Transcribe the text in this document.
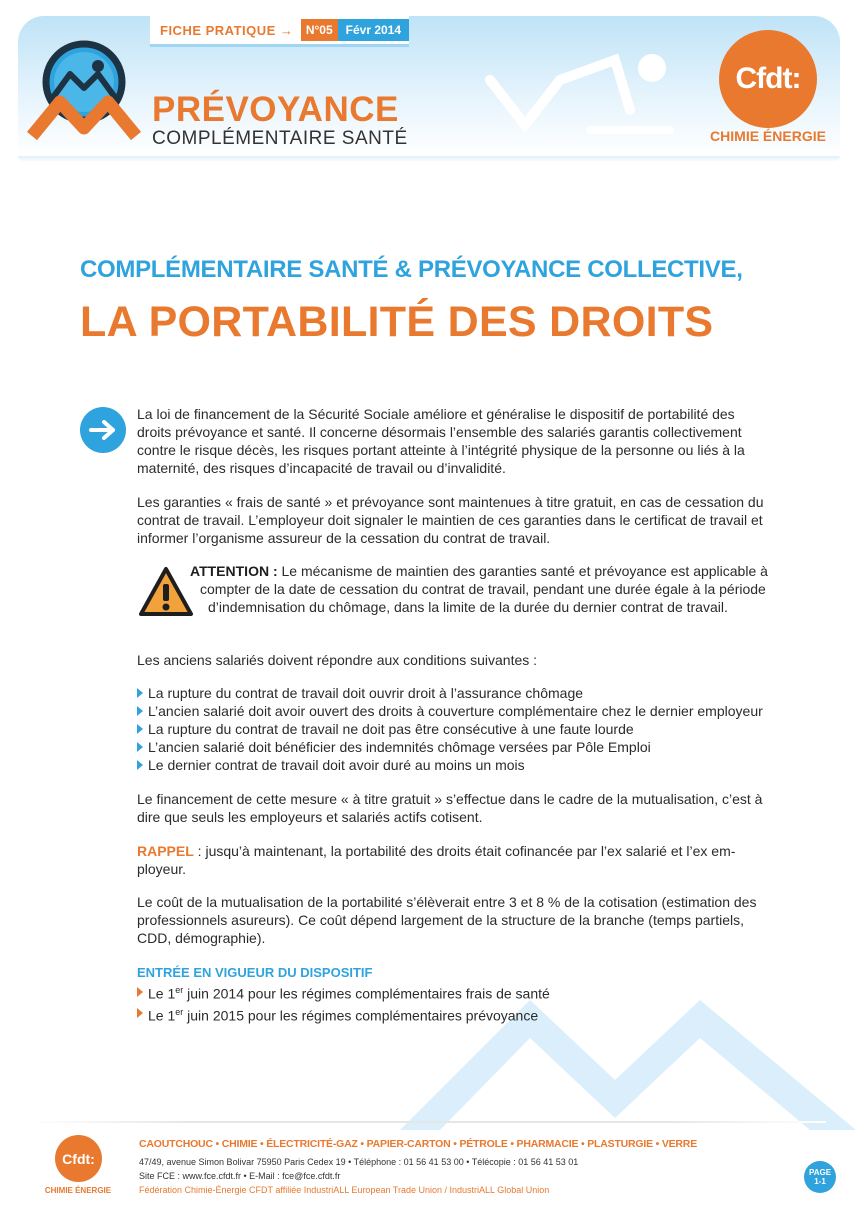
FICHE PRATIQUE →	N°05	Févr 2014
PRÉVOYANCE
COMPLÉMENTAIRE SANTÉ
Cfdt:
CHIMIE ÉNERGIE
COMPLÉMENTAIRE SANTÉ & PRÉVOYANCE COLLECTIVE,
LA PORTABILITÉ DES DROITS
La loi de financement de la Sécurité Sociale améliore et généralise le dispositif de portabilité des
droits prévoyance et santé. Il concerne désormais l’ensemble des salariés garantis collectivement
contre le risque décès, les risques portant atteinte à l’intégrité physique de la personne ou liés à la
maternité, des risques d’incapacité de travail ou d’invalidité.
Les garanties « frais de santé » et prévoyance sont maintenues à titre gratuit, en cas de cessation du
contrat de travail. L’employeur doit signaler le maintien de ces garanties dans le certificat de travail et
informer l’organisme assureur de la cessation du contrat de travail.
ATTENTION : Le mécanisme de maintien des garanties santé et prévoyance est applicable à
compter de la date de cessation du contrat de travail, pendant une durée égale à la période
d’indemnisation du chômage, dans la limite de la durée du dernier contrat de travail.
Les anciens salariés doivent répondre aux conditions suivantes :
La rupture du contrat de travail doit ouvrir droit à l’assurance chômage
L’ancien salarié doit avoir ouvert des droits à couverture complémentaire chez le dernier employeur
La rupture du contrat de travail ne doit pas être consécutive à une faute lourde
L’ancien salarié doit bénéficier des indemnités chômage versées par Pôle Emploi
Le dernier contrat de travail doit avoir duré au moins un mois
Le financement de cette mesure « à titre gratuit » s’effectue dans le cadre de la mutualisation, c’est à
dire que seuls les employeurs et salariés actifs cotisent.
RAPPEL : jusqu’à maintenant, la portabilité des droits était cofinancée par l’ex salarié et l’ex em-
ployeur.
Le coût de la mutualisation de la portabilité s’élèverait entre 3 et 8 % de la cotisation (estimation des
professionnels asureurs). Ce coût dépend largement de la structure de la branche (temps partiels,
CDD, démographie).
ENTRÉE EN VIGUEUR DU DISPOSITIF
Le 1er juin 2014 pour les régimes complémentaires frais de santé
Le 1er juin 2015 pour les régimes complémentaires prévoyance
Cfdt:
CHIMIE ÉNERGIE
CAOUTCHOUC • CHIMIE • ÉLECTRICITÉ-GAZ • PAPIER-CARTON • PÉTROLE • PHARMACIE • PLASTURGIE • VERRE
47/49, avenue Simon Bolivar 75950 Paris Cedex 19 • Téléphone : 01 56 41 53 00 • Télécopie : 01 56 41 53 01
Site FCE : www.fce.cfdt.fr • E-Mail : fce@fce.cfdt.fr
Fédération Chimie-Énergie CFDT affiliée IndustriALL European Trade Union / IndustriALL Global Union
PAGE
1-1
